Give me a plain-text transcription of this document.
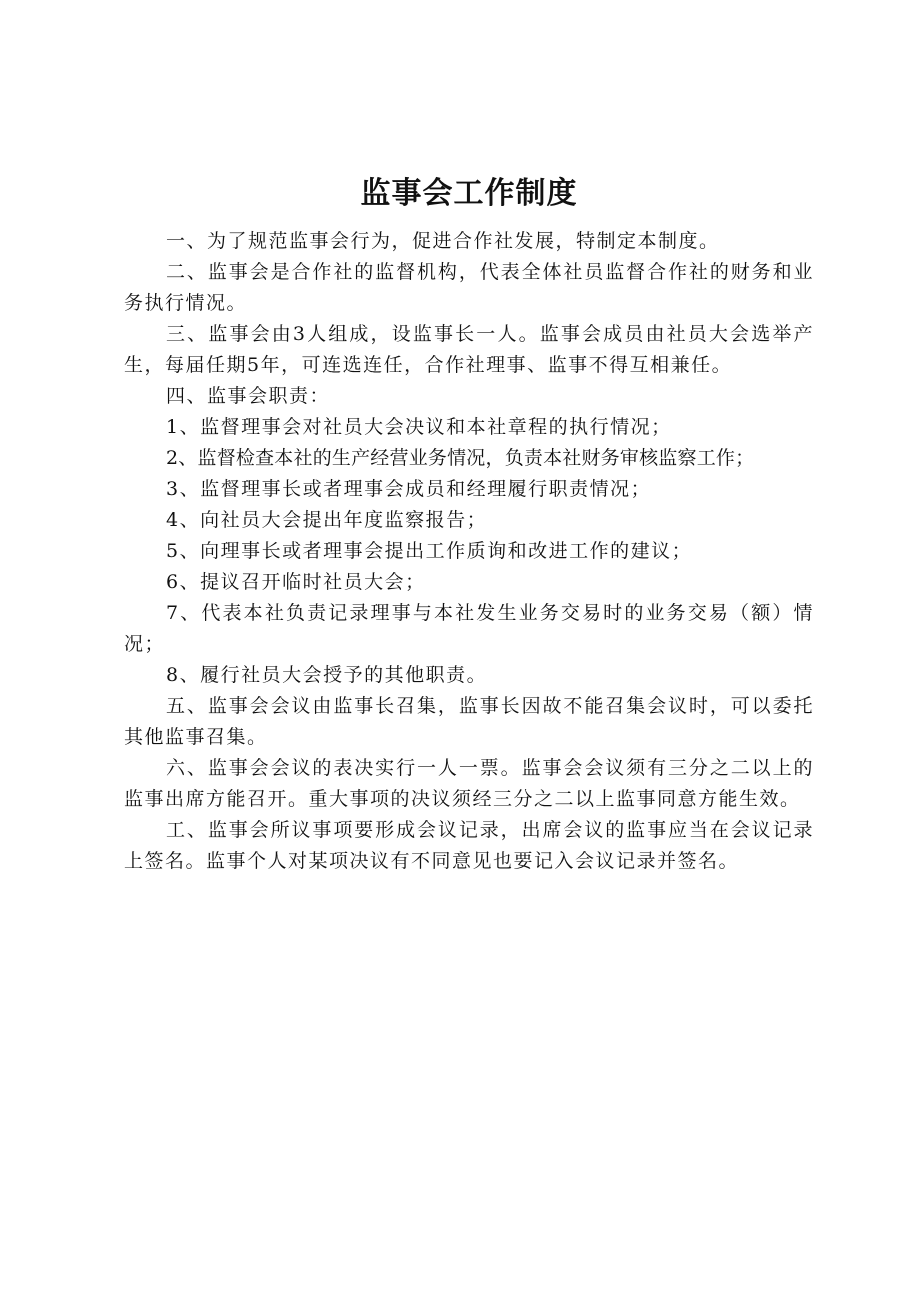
监事会工作制度

一、为了规范监事会行为，促进合作社发展，特制定本制度。

二、监事会是合作社的监督机构，代表全体社员监督合作社的财务和业务执行情况。

三、监事会由3人组成，设监事长一人。监事会成员由社员大会选举产生，每届任期5年，可连选连任，合作社理事、监事不得互相兼任。

四、监事会职责：

1、监督理事会对社员大会决议和本社章程的执行情况；

2、监督检查本社的生产经营业务情况，负责本社财务审核监察工作；

3、监督理事长或者理事会成员和经理履行职责情况；

4、向社员大会提出年度监察报告；

5、向理事长或者理事会提出工作质询和改进工作的建议；

6、提议召开临时社员大会；

7、代表本社负责记录理事与本社发生业务交易时的业务交易（额）情况；

8、履行社员大会授予的其他职责。

五、监事会会议由监事长召集，监事长因故不能召集会议时，可以委托其他监事召集。

六、监事会会议的表决实行一人一票。监事会会议须有三分之二以上的监事出席方能召开。重大事项的决议须经三分之二以上监事同意方能生效。

工、监事会所议事项要形成会议记录，出席会议的监事应当在会议记录上签名。监事个人对某项决议有不同意见也要记入会议记录并签名。
